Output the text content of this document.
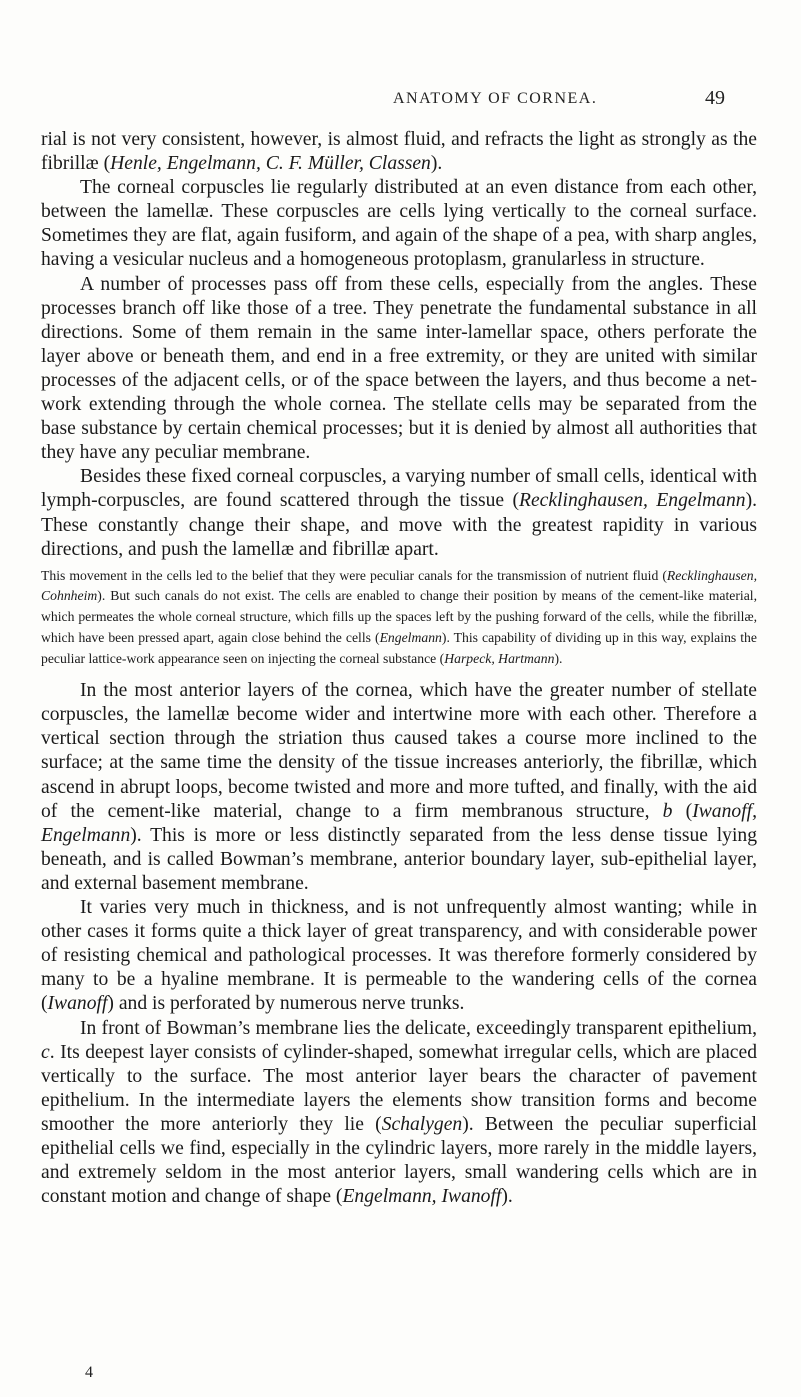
ANATOMY OF CORNEA.	49

rial is not very consistent, however, is almost fluid, and refracts the light as strongly as the fibrillæ (Henle, Engelmann, C. F. Müller, Classen).

The corneal corpuscles lie regularly distributed at an even distance from each other, between the lamellæ. These corpuscles are cells lying vertically to the corneal surface. Sometimes they are flat, again fusiform, and again of the shape of a pea, with sharp angles, having a vesicular nucleus and a homogeneous protoplasm, granularless in structure.

A number of processes pass off from these cells, especially from the angles. These processes branch off like those of a tree. They penetrate the fundamental substance in all directions. Some of them remain in the same inter-lamellar space, others perforate the layer above or beneath them, and end in a free extremity, or they are united with similar processes of the adjacent cells, or of the space between the layers, and thus become a net-work extending through the whole cornea. The stellate cells may be separated from the base substance by certain chemical processes; but it is denied by almost all authorities that they have any peculiar membrane.

Besides these fixed corneal corpuscles, a varying number of small cells, identical with lymph-corpuscles, are found scattered through the tissue (Recklinghausen, Engelmann). These constantly change their shape, and move with the greatest rapidity in various directions, and push the lamellæ and fibrillæ apart.

This movement in the cells led to the belief that they were peculiar canals for the transmission of nutrient fluid (Recklinghausen, Cohnheim). But such canals do not exist. The cells are enabled to change their position by means of the cement-like material, which permeates the whole corneal structure, which fills up the spaces left by the pushing forward of the cells, while the fibrillæ, which have been pressed apart, again close behind the cells (Engelmann). This capability of dividing up in this way, explains the peculiar lattice-work appearance seen on injecting the corneal substance (Harpeck, Hartmann).

In the most anterior layers of the cornea, which have the greater number of stellate corpuscles, the lamellæ become wider and intertwine more with each other. Therefore a vertical section through the striation thus caused takes a course more inclined to the surface; at the same time the density of the tissue increases anteriorly, the fibrillæ, which ascend in abrupt loops, become twisted and more and more tufted, and finally, with the aid of the cement-like material, change to a firm membranous structure, b (Iwanoff, Engelmann). This is more or less distinctly separated from the less dense tissue lying beneath, and is called Bowman’s membrane, anterior boundary layer, sub-epithelial layer, and external basement membrane.

It varies very much in thickness, and is not unfrequently almost wanting; while in other cases it forms quite a thick layer of great transparency, and with considerable power of resisting chemical and pathological processes. It was therefore formerly considered by many to be a hyaline membrane. It is permeable to the wandering cells of the cornea (Iwanoff) and is perforated by numerous nerve trunks.

In front of Bowman’s membrane lies the delicate, exceedingly transparent epithelium, c. Its deepest layer consists of cylinder-shaped, somewhat irregular cells, which are placed vertically to the surface. The most anterior layer bears the character of pavement epithelium. In the intermediate layers the elements show transition forms and become smoother the more anteriorly they lie (Schalygen). Between the peculiar superficial epithelial cells we find, especially in the cylindric layers, more rarely in the middle layers, and extremely seldom in the most anterior layers, small wandering cells which are in constant motion and change of shape (Engelmann, Iwanoff).

4
